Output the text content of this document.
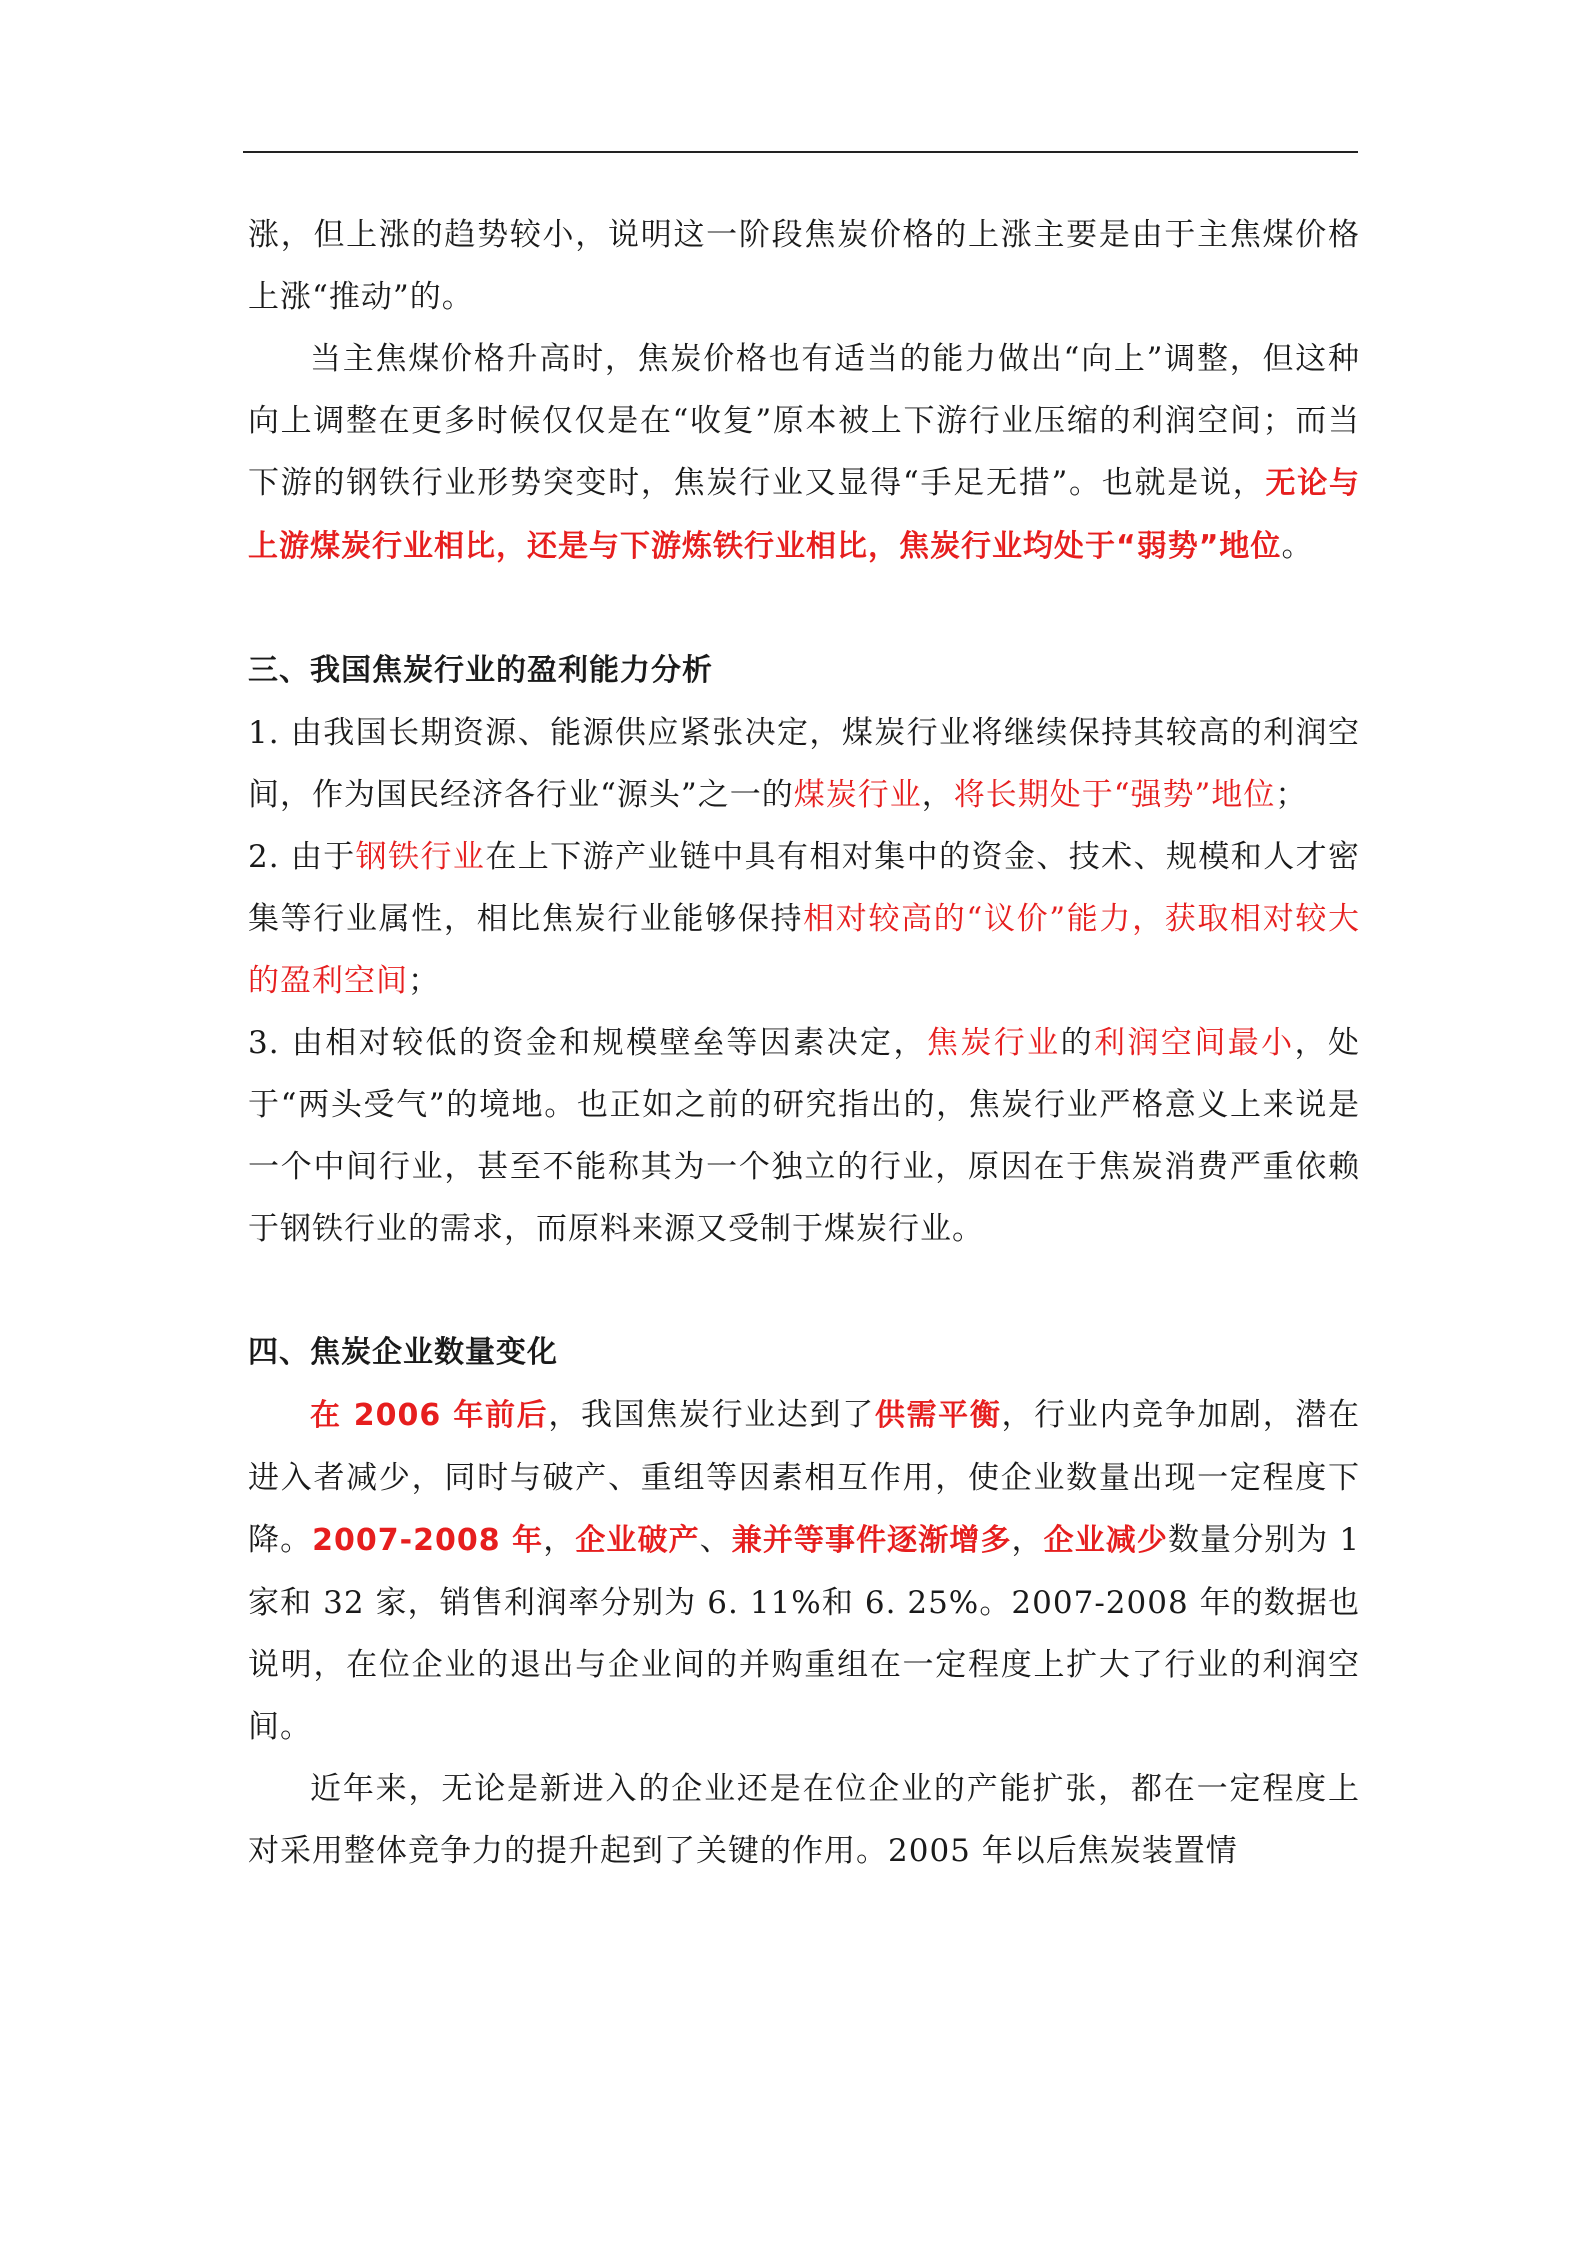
涨，但上涨的趋势较小，说明这一阶段焦炭价格的上涨主要是由于主焦煤价格上涨“推动”的。

当主焦煤价格升高时，焦炭价格也有适当的能力做出“向上”调整，但这种向上调整在更多时候仅仅是在“收复”原本被上下游行业压缩的利润空间；而当下游的钢铁行业形势突变时，焦炭行业又显得“手足无措”。也就是说，无论与上游煤炭行业相比，还是与下游炼铁行业相比，焦炭行业均处于“弱势”地位。

三、我国焦炭行业的盈利能力分析

1. 由我国长期资源、能源供应紧张决定，煤炭行业将继续保持其较高的利润空间，作为国民经济各行业“源头”之一的煤炭行业，将长期处于“强势”地位；

2. 由于钢铁行业在上下游产业链中具有相对集中的资金、技术、规模和人才密集等行业属性，相比焦炭行业能够保持相对较高的“议价”能力，获取相对较大的盈利空间；

3. 由相对较低的资金和规模壁垒等因素决定，焦炭行业的利润空间最小，处于“两头受气”的境地。也正如之前的研究指出的，焦炭行业严格意义上来说是一个中间行业，甚至不能称其为一个独立的行业，原因在于焦炭消费严重依赖于钢铁行业的需求，而原料来源又受制于煤炭行业。

四、焦炭企业数量变化

在 2006 年前后，我国焦炭行业达到了供需平衡，行业内竞争加剧，潜在进入者减少，同时与破产、重组等因素相互作用，使企业数量出现一定程度下降。2007-2008 年，企业破产、兼并等事件逐渐增多，企业减少数量分别为 1 家和 32 家，销售利润率分别为 6. 11%和 6. 25%。2007-2008 年的数据也说明，在位企业的退出与企业间的并购重组在一定程度上扩大了行业的利润空间。

近年来，无论是新进入的企业还是在位企业的产能扩张，都在一定程度上对采用整体竞争力的提升起到了关键的作用。2005 年以后焦炭装置情
